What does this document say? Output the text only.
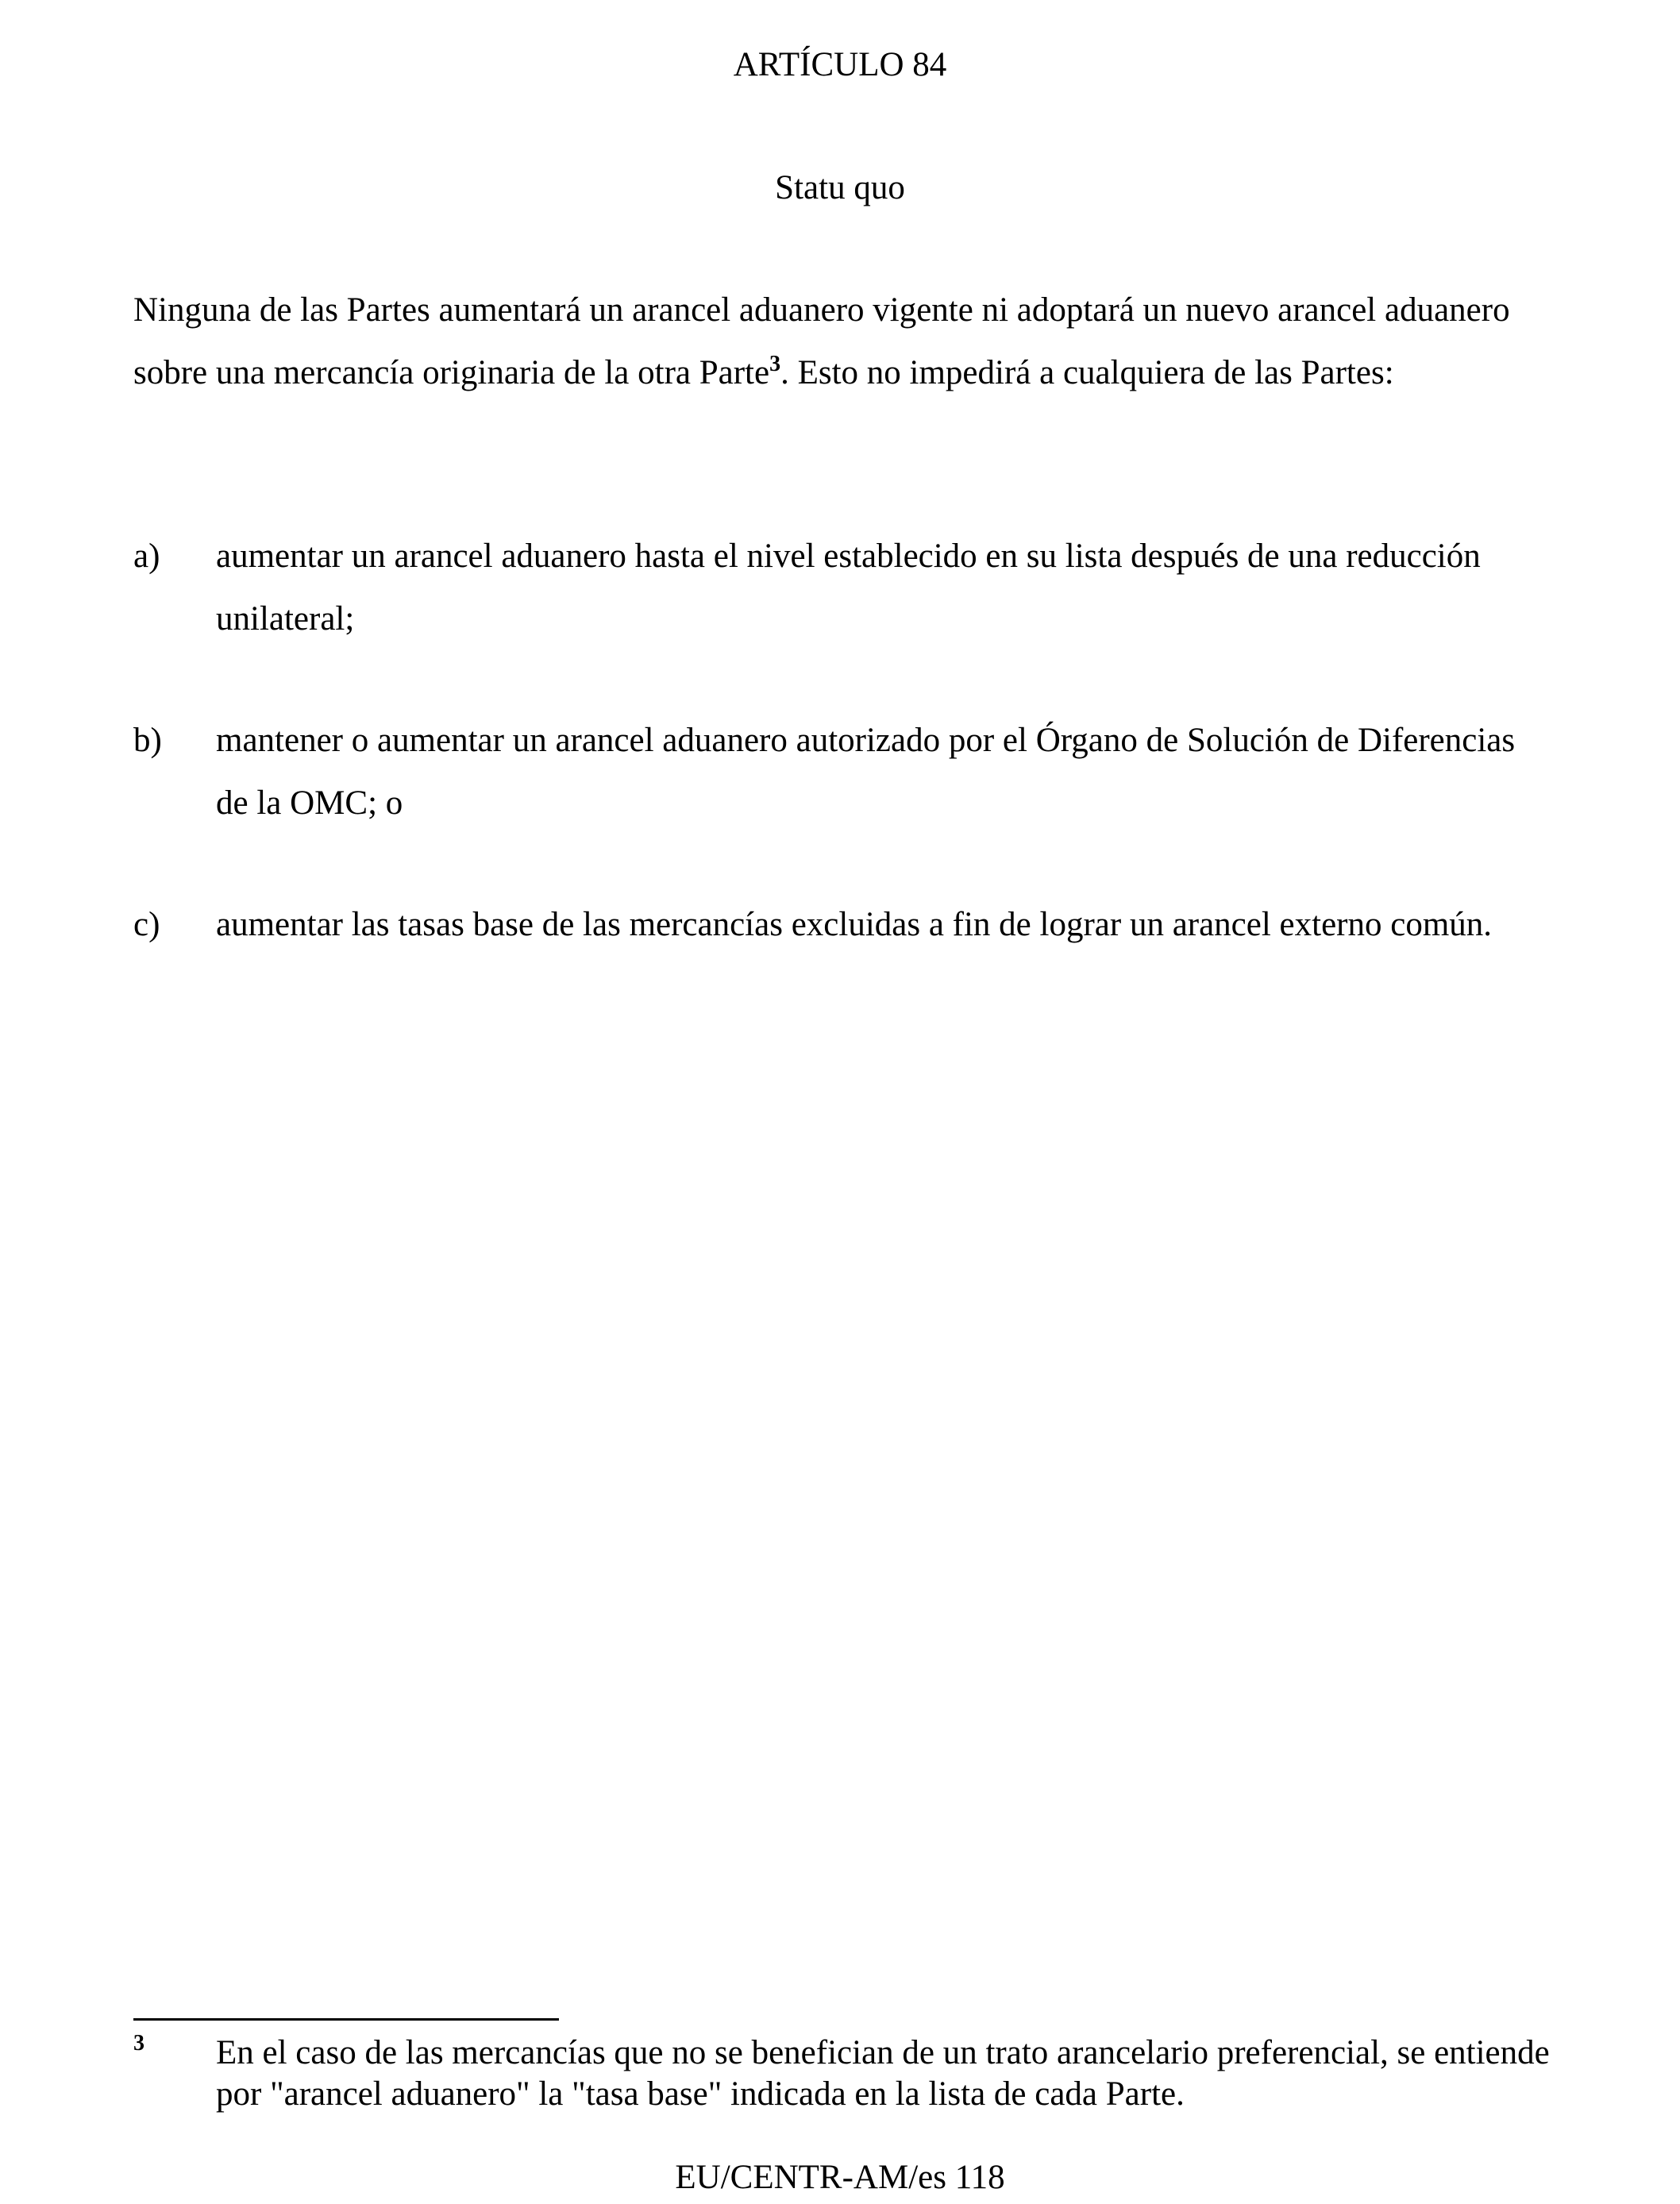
ARTÍCULO 84
Statu quo

Ninguna de las Partes aumentará un arancel aduanero vigente ni adoptará un nuevo arancel aduanero sobre una mercancía originaria de la otra Parte$^3$. Esto no impedirá a cualquiera de las Partes:

a) aumentar un arancel aduanero hasta el nivel establecido en su lista después de una reducción unilateral;
b) mantener o aumentar un arancel aduanero autorizado por el Órgano de Solución de Diferencias de la OMC; o
c) aumentar las tasas base de las mercancías excluidas a fin de lograr un arancel externo común.
3 En el caso de las mercancías que no se benefician de un trato arancelario preferencial, se entiende por "arancel aduanero" la "tasa base" indicada en la lista de cada Parte.
EU/CENTR-AM/es 118
